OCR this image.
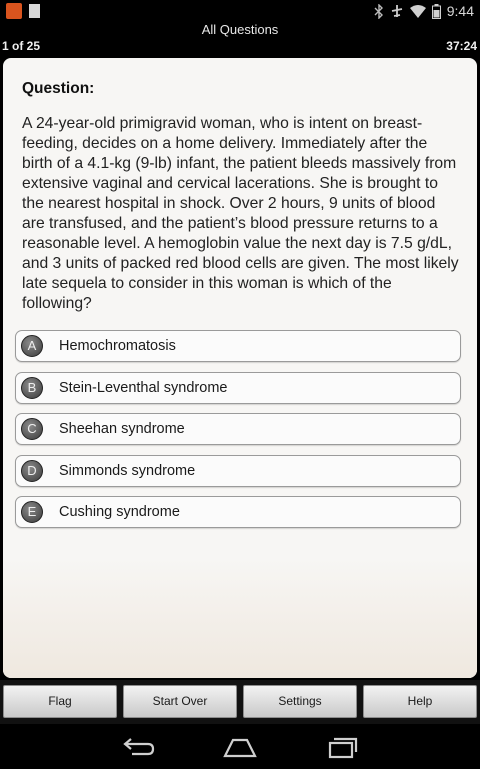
9:44
All Questions
1 of 25	37:24
Question:
A 24-year-old primigravid woman, who is intent on breast-feeding, decides on a home delivery. Immediately after the birth of a 4.1-kg (9-lb) infant, the patient bleeds massively from extensive vaginal and cervical lacerations. She is brought to the nearest hospital in shock. Over 2 hours, 9 units of blood are transfused, and the patient’s blood pressure returns to a reasonable level. A hemoglobin value the next day is 7.5 g/dL, and 3 units of packed red blood cells are given. The most likely late sequela to consider in this woman is which of the following?
A	Hemochromatosis
B	Stein-Leventhal syndrome
C	Sheehan syndrome
D	Simmonds syndrome
E	Cushing syndrome
Flag	Start Over	Settings	Help
